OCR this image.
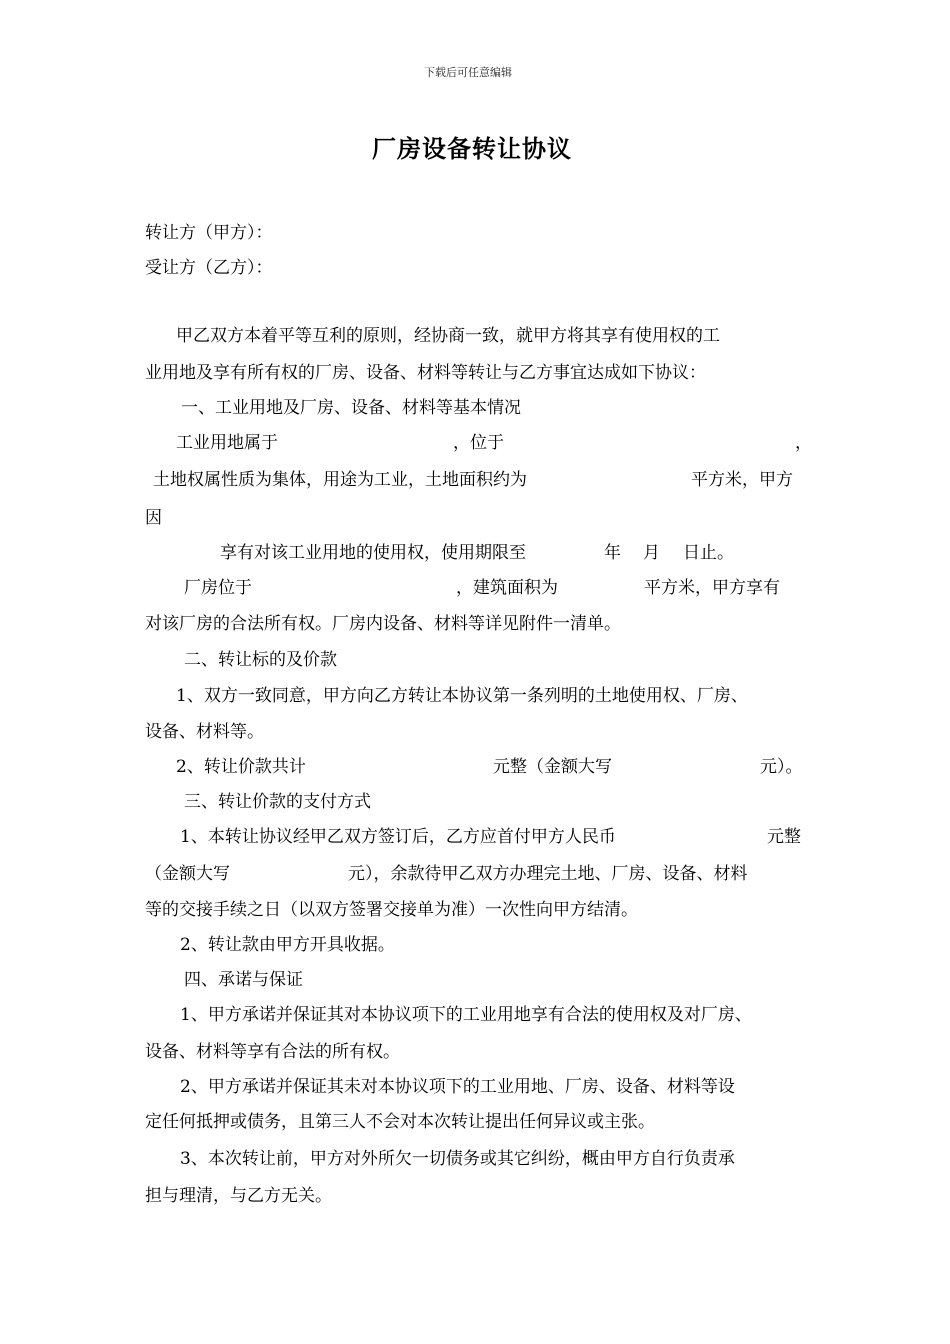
下载后可任意编辑
厂房设备转让协议
转让方（甲方）：
受让方（乙方）：
甲乙双方本着平等互利的原则，经协商一致，就甲方将其享有使用权的工
业用地及享有所有权的厂房、设备、材料等转让与乙方事宜达成如下协议：
一、工业用地及厂房、设备、材料等基本情况
工业用地属于	，位于	，
土地权属性质为集体，用途为工业，土地面积约为	平方米，甲方
因
享有对该工业用地的使用权，使用期限至	年 月 日止。
厂房位于	，建筑面积为	平方米，甲方享有
对该厂房的合法所有权。厂房内设备、材料等详见附件一清单。
二、转让标的及价款
1、双方一致同意，甲方向乙方转让本协议第一条列明的土地使用权、厂房、
设备、材料等。
2、转让价款共计	元整（金额大写	元）。
三、转让价款的支付方式
1、本转让协议经甲乙双方签订后，乙方应首付甲方人民币	元整
（金额大写	元），余款待甲乙双方办理完土地、厂房、设备、材料
等的交接手续之日（以双方签署交接单为准）一次性向甲方结清。
2、转让款由甲方开具收据。
四、承诺与保证
1、甲方承诺并保证其对本协议项下的工业用地享有合法的使用权及对厂房、
设备、材料等享有合法的所有权。
2、甲方承诺并保证其未对本协议项下的工业用地、厂房、设备、材料等设
定任何抵押或债务，且第三人不会对本次转让提出任何异议或主张。
3、本次转让前，甲方对外所欠一切债务或其它纠纷，概由甲方自行负责承
担与理清，与乙方无关。
